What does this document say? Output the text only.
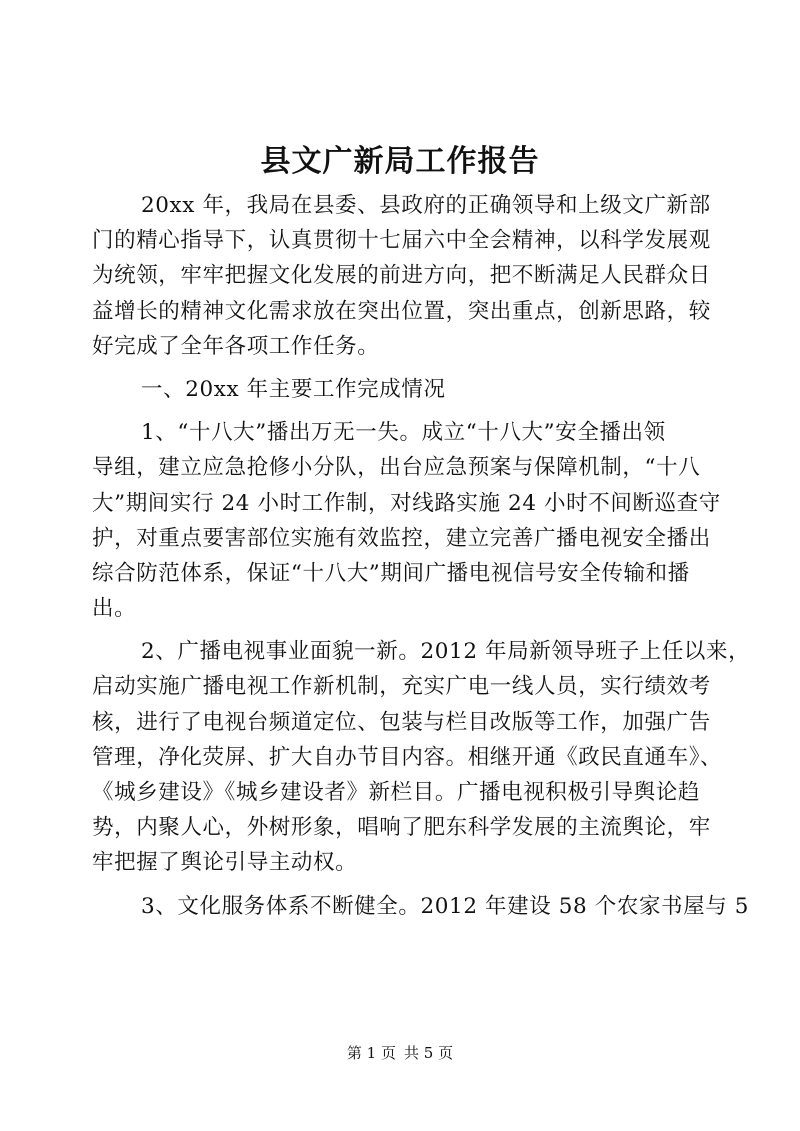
县文广新局工作报告
20xx 年，我局在县委、县政府的正确领导和上级文广新部
门的精心指导下，认真贯彻十七届六中全会精神，以科学发展观
为统领，牢牢把握文化发展的前进方向，把不断满足人民群众日
益增长的精神文化需求放在突出位置，突出重点，创新思路，较
好完成了全年各项工作任务。
一、20xx 年主要工作完成情况
1、“十八大”播出万无一失。成立“十八大”安全播出领
导组，建立应急抢修小分队，出台应急预案与保障机制，“十八
大”期间实行 24 小时工作制，对线路实施 24 小时不间断巡查守
护，对重点要害部位实施有效监控，建立完善广播电视安全播出
综合防范体系，保证“十八大”期间广播电视信号安全传输和播
出。
2、广播电视事业面貌一新。2012 年局新领导班子上任以来，
启动实施广播电视工作新机制，充实广电一线人员，实行绩效考
核，进行了电视台频道定位、包装与栏目改版等工作，加强广告
管理，净化荧屏、扩大自办节目内容。相继开通《政民直通车》、
《城乡建设》《城乡建设者》新栏目。广播电视积极引导舆论趋
势，内聚人心，外树形象，唱响了肥东科学发展的主流舆论，牢
牢把握了舆论引导主动权。
3、文化服务体系不断健全。2012 年建设 58 个农家书屋与 5
第 1 页 共 5 页
